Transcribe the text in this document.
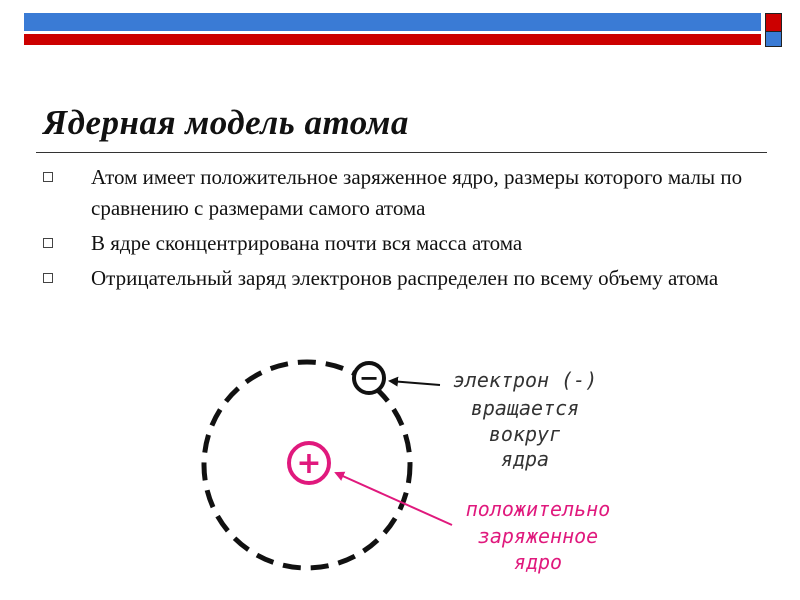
Ядерная модель атома
Атом имеет положительное заряженное ядро, размеры которого малы по сравнению с размерами самого атома
В ядре сконцентрирована почти вся масса атома
Отрицательный заряд электронов распределен по всему объему атома
−
+
электрон (-)
вращается
вокруг
ядра
положительно
заряженное
ядро
